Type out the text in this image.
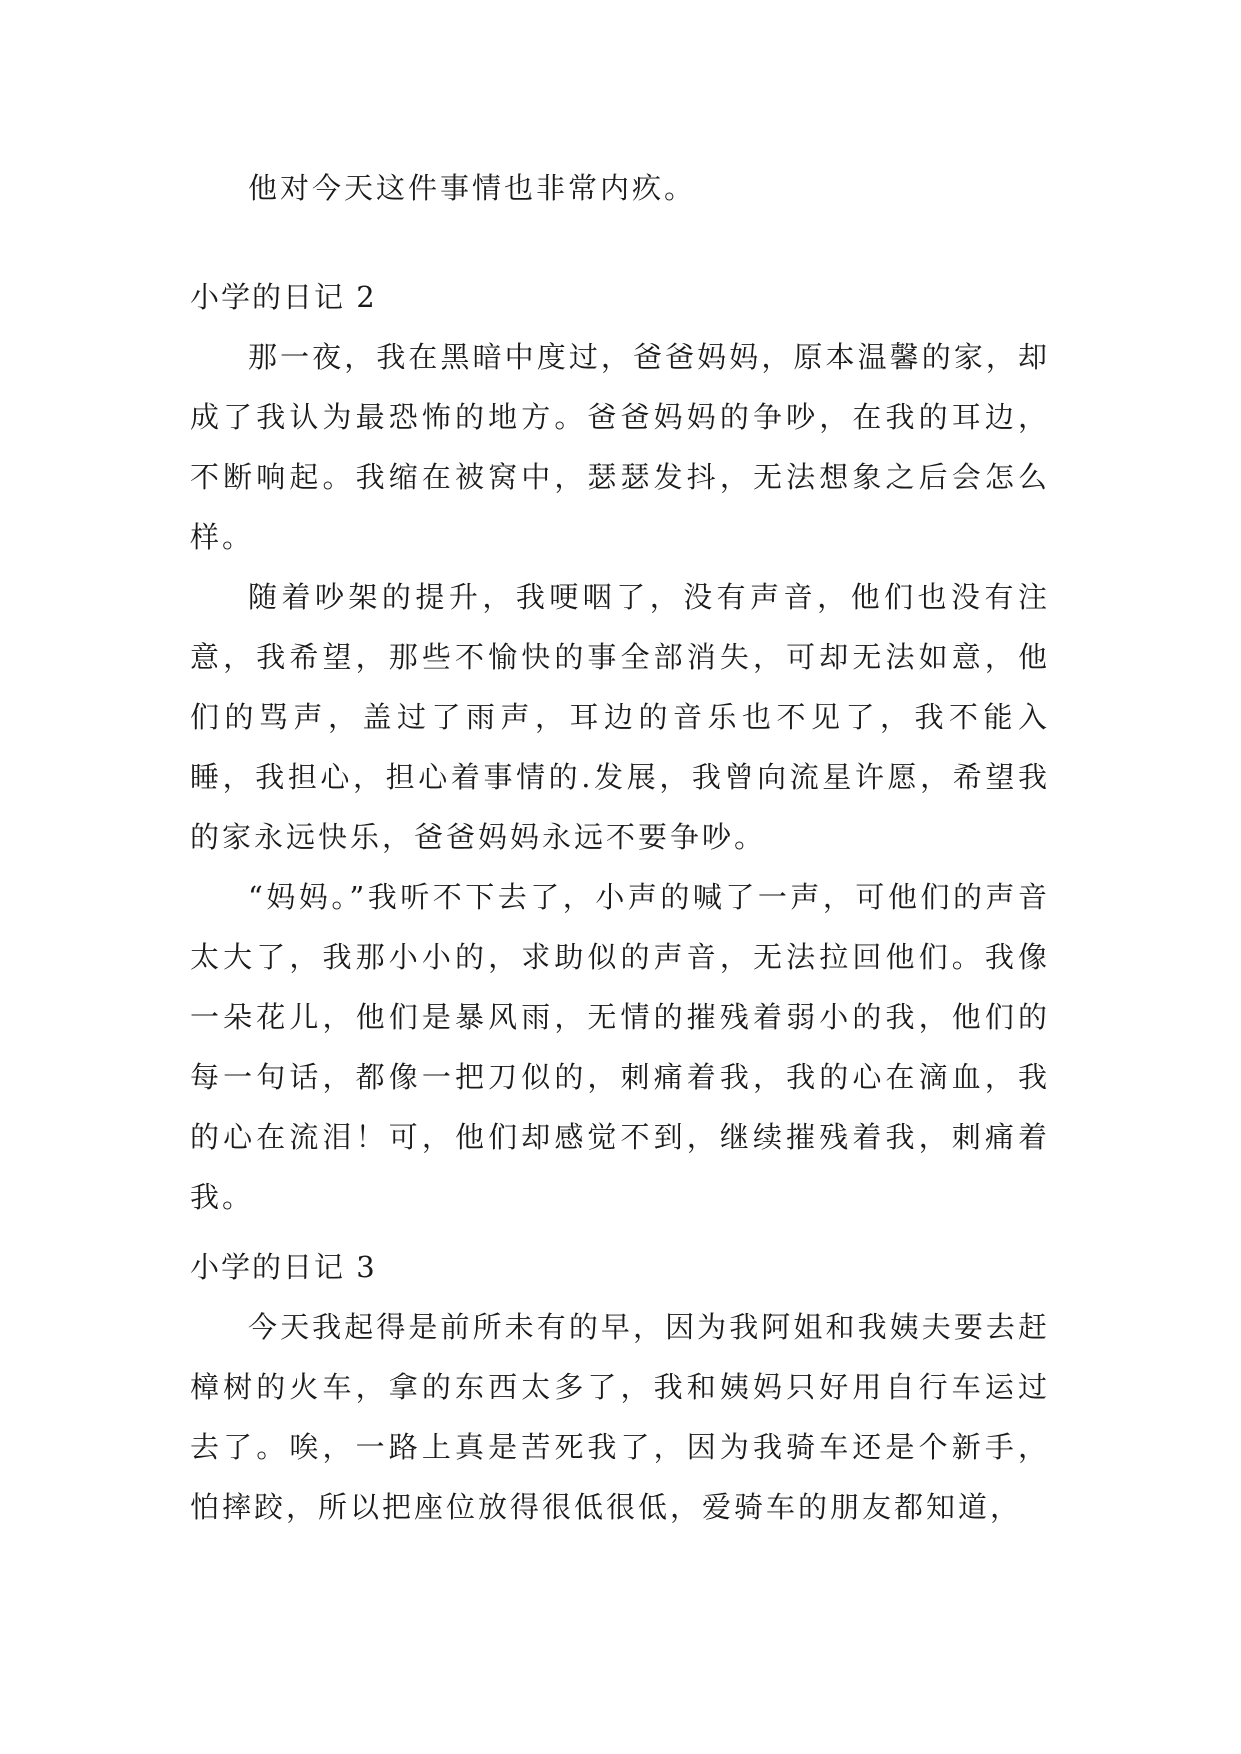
他对今天这件事情也非常内疚。

小学的日记 2

那一夜，我在黑暗中度过，爸爸妈妈，原本温馨的家，却成了我认为最恐怖的地方。爸爸妈妈的争吵，在我的耳边，不断响起。我缩在被窝中，瑟瑟发抖，无法想象之后会怎么样。

随着吵架的提升，我哽咽了，没有声音，他们也没有注意，我希望，那些不愉快的事全部消失，可却无法如意，他们的骂声，盖过了雨声，耳边的音乐也不见了，我不能入睡，我担心，担心着事情的.发展，我曾向流星许愿，希望我的家永远快乐，爸爸妈妈永远不要争吵。

“妈妈。”我听不下去了，小声的喊了一声，可他们的声音太大了，我那小小的，求助似的声音，无法拉回他们。我像一朵花儿，他们是暴风雨，无情的摧残着弱小的我，他们的每一句话，都像一把刀似的，刺痛着我，我的心在滴血，我的心在流泪！可，他们却感觉不到，继续摧残着我，刺痛着我。

小学的日记 3

今天我起得是前所未有的早，因为我阿姐和我姨夫要去赶樟树的火车，拿的东西太多了，我和姨妈只好用自行车运过去了。唉，一路上真是苦死我了，因为我骑车还是个新手，怕摔跤，所以把座位放得很低很低，爱骑车的朋友都知道，
